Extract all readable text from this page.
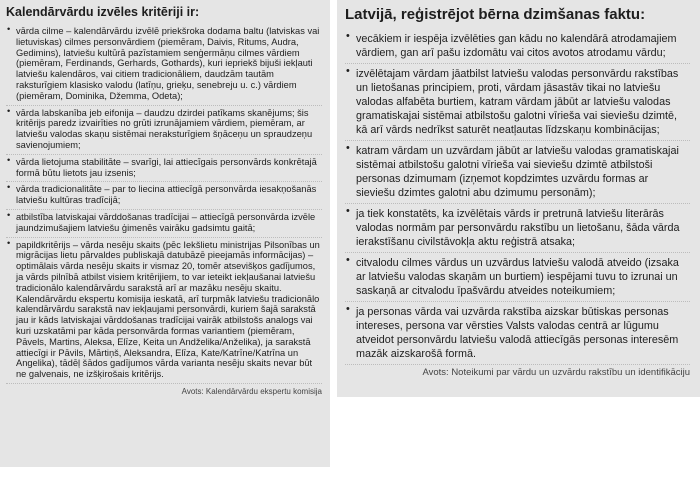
Kalendārvārdu izvēles kritēriji ir:
• vārda cilme – kalendārvārdu izvēlē priekšroka dodama baltu (latviskas vai lietuviskas) cilmes personvārdiem (piemēram, Daivis, Ritums, Audra, Gedimins), latviešu kultūrā pazīstamiem senģermāņu cilmes vārdiem (piemēram, Ferdinands, Gerhards, Gothards), kuri iepriekš bijuši iekļauti latviešu kalendāros, vai citiem tradicionāliem, daudzām tautām raksturīgiem klasisko valodu (latīņu, grieķu, senebreju u. c.) vārdiem (piemēram, Dominika, Džemma, Odeta);
• vārda labskanība jeb eifonija – daudzu dzirdei patīkams skanējums; šis kritērijs paredz izvairīties no grūti izrunājamiem vārdiem, piemēram, ar latviešu valodas skaņu sistēmai neraksturīgiem šņāceņu un spraudzeņu savienojumiem;
• vārda lietojuma stabilitāte – svarīgi, lai attiecīgais personvārds konkrētajā formā būtu lietots jau izsenis;
• vārda tradicionalitāte – par to liecina attiecīgā personvārda iesakņošanās latviešu kultūras tradīcijā;
• atbilstība latviskajai vārddošanas tradīcijai – attiecīgā personvārda izvēle jaundzimušajiem latviešu ģimenēs vairāku gadsimtu gaitā;
• papildkritērijs – vārda nesēju skaits (pēc Iekšlietu ministrijas Pilsonības un migrācijas lietu pārvaldes publiskajā datubāzē pieejamās informācijas) – optimālais vārda nesēju skaits ir vismaz 20, tomēr atsevišķos gadījumos, ja vārds pilnībā atbilst visiem kritērijiem, to var ieteikt iekļaušanai latviešu tradicionālo kalendārvārdu sarakstā arī ar mazāku nesēju skaitu. Kalendārvārdu ekspertu komisija ieskatā, arī turpmāk latviešu tradicionālo kalendārvārdu sarakstā nav iekļaujami personvārdi, kuriem šajā sarakstā jau ir kāds latviskajai vārddošanas tradīcijai vairāk atbilstošs analogs vai kuri uzskatāmi par kāda personvārda formas variantiem (piemēram, Pāvels, Martins, Aleksa, Elīze, Keita un Andželika/Anželika), ja sarakstā attiecīgi ir Pāvils, Mārtiņš, Aleksandra, Elīza, Kate/Katrīne/Katrīna un Angelika), tādēļ šādos gadījumos vārda varianta nesēju skaits nevar būt ne galvenais, ne izšķirošais kritērijs.
Avots: Kalendārvārdu ekspertu komisija
Latvijā, reģistrējot bērna dzimšanas faktu:
• vecākiem ir iespēja izvēlēties gan kādu no kalendārā atrodamajiem vārdiem, gan arī pašu izdomātu vai citos avotos atrodamu vārdu;
• izvēlētajam vārdam jāatbilst latviešu valodas personvārdu rakstības un lietošanas principiem, proti, vārdam jāsastāv tikai no latviešu valodas alfabēta burtiem, katram vārdam jābūt ar latviešu valodas gramatiskajai sistēmai atbilstošu galotni vīrieša vai sieviešu dzimtē, kā arī vārds nedrīkst saturēt neatļautas līdzskaņu kombinācijas;
• katram vārdam un uzvārdam jābūt ar latviešu valodas gramatiskajai sistēmai atbilstošu galotni vīrieša vai sieviešu dzimtē atbilstoši personas dzimumam (izņemot kopdzimtes uzvārdu formas ar sieviešu dzimtes galotni abu dzimumu personām);
• ja tiek konstatēts, ka izvēlētais vārds ir pretrunā latviešu literārās valodas normām par personvārdu rakstību un lietošanu, šāda vārda ierakstīšanu civilstāvokļa aktu reģistrā atsaka;
• citvalodu cilmes vārdus un uzvārdus latviešu valodā atveido (izsaka ar latviešu valodas skaņām un burtiem) iespējami tuvu to izrunai un saskaņā ar citvalodu īpašvārdu atveides noteikumiem;
• ja personas vārda vai uzvārda rakstība aizskar būtiskas personas intereses, persona var vērsties Valsts valodas centrā ar lūgumu atveidot personvārdu latviešu valodā attiecīgās personas interesēm mazāk aizskarošā formā.
Avots: Noteikumi par vārdu un uzvārdu rakstību un identifikāciju
